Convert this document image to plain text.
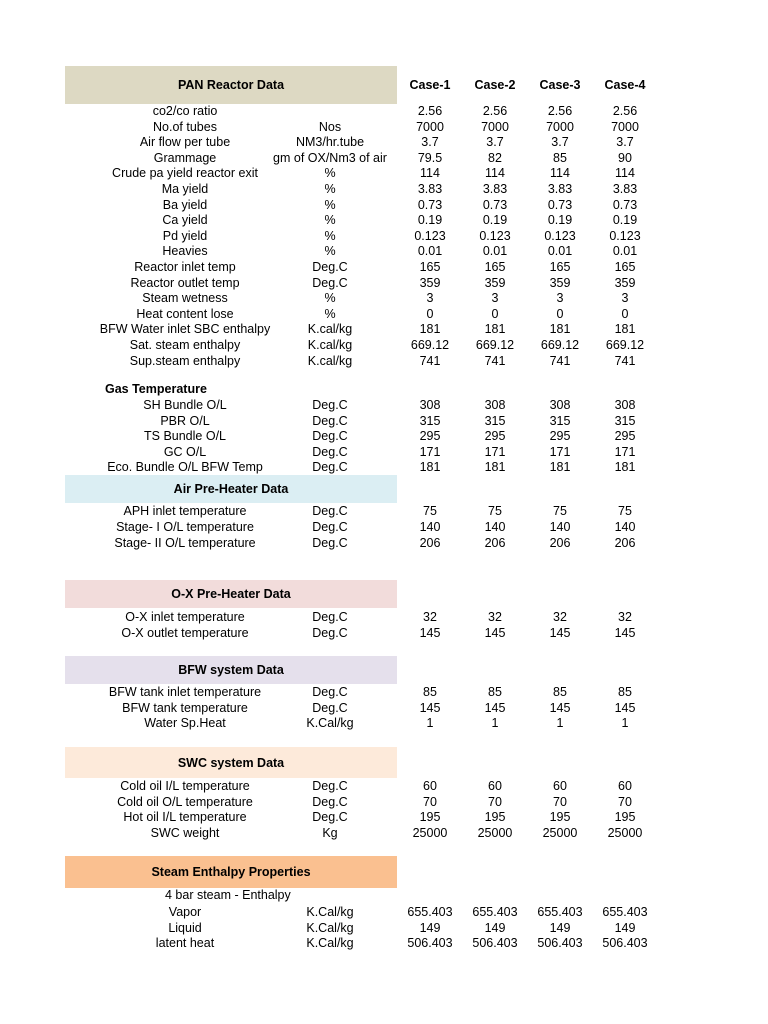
PAN Reactor Data	Case-1	Case-2	Case-3	Case-4
Gas Temperature
Air Pre-Heater Data
O-X Pre-Heater Data
BFW system Data
SWC system Data
Steam Enthalpy Properties
4 bar steam - Enthalpy
co2/co ratio	2.56	2.56	2.56	2.56
No.of tubes	Nos	7000	7000	7000	7000
Air flow per tube	NM3/hr.tube	3.7	3.7	3.7	3.7
Grammage	gm of OX/Nm3 of air	79.5	82	85	90
Crude pa yield reactor exit	%	114	114	114	114
Ma yield	%	3.83	3.83	3.83	3.83
Ba yield	%	0.73	0.73	0.73	0.73
Ca yield	%	0.19	0.19	0.19	0.19
Pd yield	%	0.123	0.123	0.123	0.123
Heavies	%	0.01	0.01	0.01	0.01
Reactor inlet temp	Deg.C	165	165	165	165
Reactor outlet temp	Deg.C	359	359	359	359
Steam wetness	%	3	3	3	3
Heat content lose	%	0	0	0	0
BFW Water inlet SBC enthalpy	K.cal/kg	181	181	181	181
Sat. steam enthalpy	K.cal/kg	669.12	669.12	669.12	669.12
Sup.steam enthalpy	K.cal/kg	741	741	741	741
SH Bundle O/L	Deg.C	308	308	308	308
PBR O/L	Deg.C	315	315	315	315
TS Bundle O/L	Deg.C	295	295	295	295
GC O/L	Deg.C	171	171	171	171
Eco. Bundle O/L BFW Temp	Deg.C	181	181	181	181
APH inlet temperature	Deg.C	75	75	75	75
Stage- I O/L temperature	Deg.C	140	140	140	140
Stage- II O/L temperature	Deg.C	206	206	206	206
O-X inlet temperature	Deg.C	32	32	32	32
O-X outlet temperature	Deg.C	145	145	145	145
BFW tank inlet temperature	Deg.C	85	85	85	85
BFW tank temperature	Deg.C	145	145	145	145
Water Sp.Heat	K.Cal/kg	1	1	1	1
Cold oil I/L temperature	Deg.C	60	60	60	60
Cold oil O/L temperature	Deg.C	70	70	70	70
Hot oil I/L temperature	Deg.C	195	195	195	195
SWC weight	Kg	25000	25000	25000	25000
Vapor	K.Cal/kg	655.403	655.403	655.403	655.403
Liquid	K.Cal/kg	149	149	149	149
latent heat	K.Cal/kg	506.403	506.403	506.403	506.403
